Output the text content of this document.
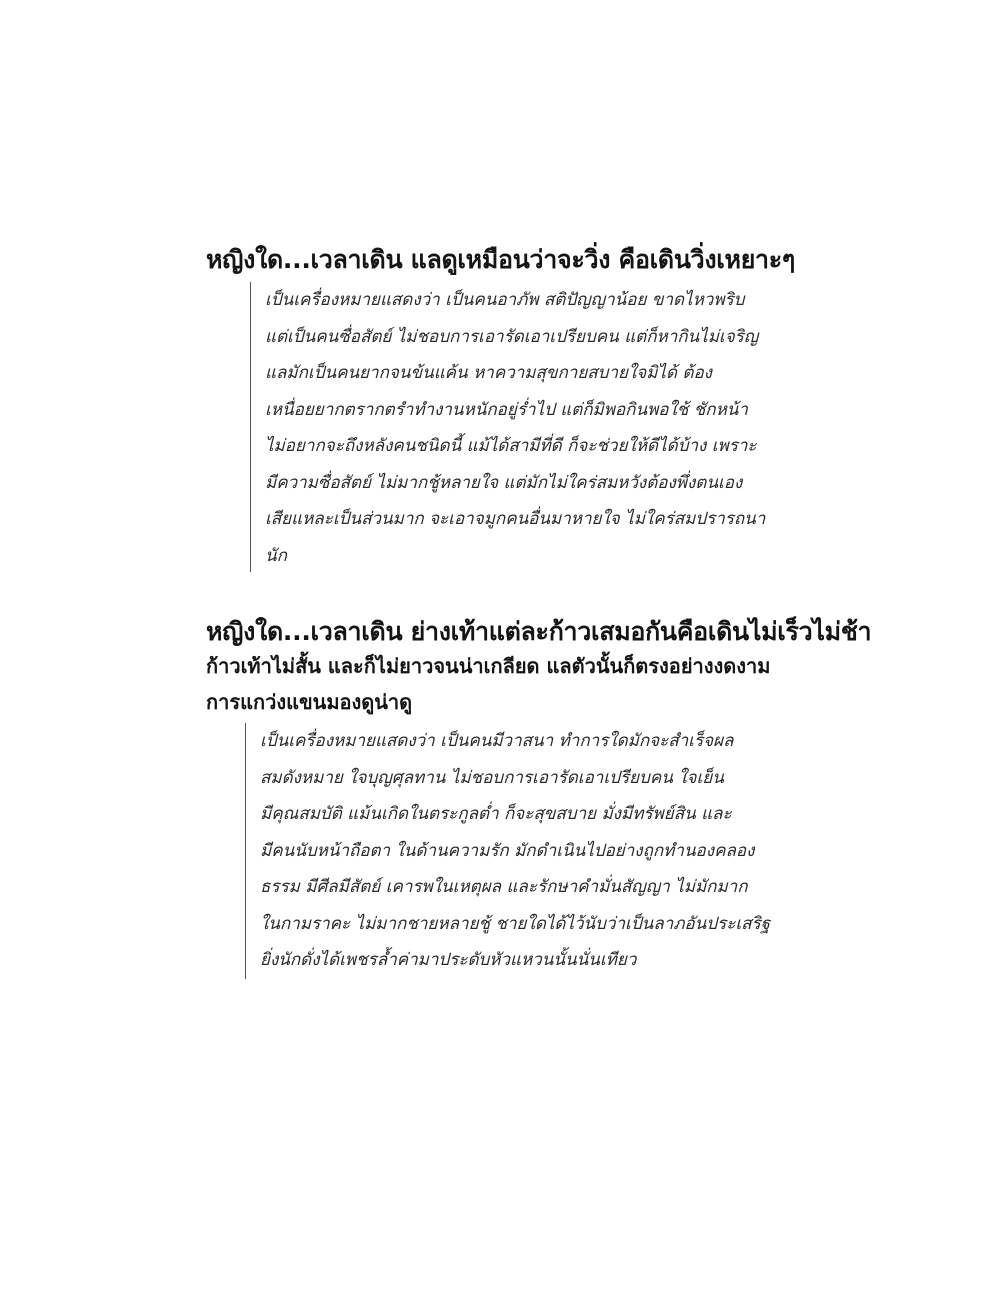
หญิงใด...เวลาเดิน แลดูเหมือนว่าจะวิ่ง คือเดินวิ่งเหยาะๆ
เป็นเครื่องหมายแสดงว่า เป็นคนอาภัพ สติปัญญาน้อย ขาดไหวพริบ
แต่เป็นคนซื่อสัตย์ ไม่ชอบการเอารัดเอาเปรียบคน แต่ก็หากินไม่เจริญ
แลมักเป็นคนยากจนข้นแค้น หาความสุขกายสบายใจมิได้ ต้อง
เหนื่อยยากตรากตรำทำงานหนักอยู่ร่ำไป แต่ก็มิพอกินพอใช้ ชักหน้า
ไม่อยากจะถึงหลังคนชนิดนี้ แม้ได้สามีที่ดี ก็จะช่วยให้ดีได้บ้าง เพราะ
มีความซื่อสัตย์ ไม่มากชู้หลายใจ แต่มักไม่ใคร่สมหวังต้องพึ่งตนเอง
เสียแหละเป็นส่วนมาก จะเอาจมูกคนอื่นมาหายใจ ไม่ใคร่สมปรารถนา
นัก
หญิงใด...เวลาเดิน ย่างเท้าแต่ละก้าวเสมอกันคือเดินไม่เร็วไม่ช้า
ก้าวเท้าไม่สั้น และก็ไม่ยาวจนน่าเกลียด แลตัวนั้นก็ตรงอย่างงดงาม
การแกว่งแขนมองดูน่าดู
เป็นเครื่องหมายแสดงว่า เป็นคนมีวาสนา ทำการใดมักจะสำเร็จผล
สมดังหมาย ใจบุญศุลทาน ไม่ชอบการเอารัดเอาเปรียบคน ใจเย็น
มีคุณสมบัติ แม้นเกิดในตระกูลต่ำ ก็จะสุขสบาย มั่งมีทรัพย์สิน และ
มีคนนับหน้าถือตา ในด้านความรัก มักดำเนินไปอย่างถูกทำนองคลอง
ธรรม มีศีลมีสัตย์ เคารพในเหตุผล และรักษาคำมั่นสัญญา ไม่มักมาก
ในกามราคะ ไม่มากชายหลายชู้ ชายใดได้ไว้นับว่าเป็นลาภอันประเสริฐ
ยิ่งนักดั่งได้เพชรล้ำค่ามาประดับหัวแหวนนั้นนั่นเทียว
